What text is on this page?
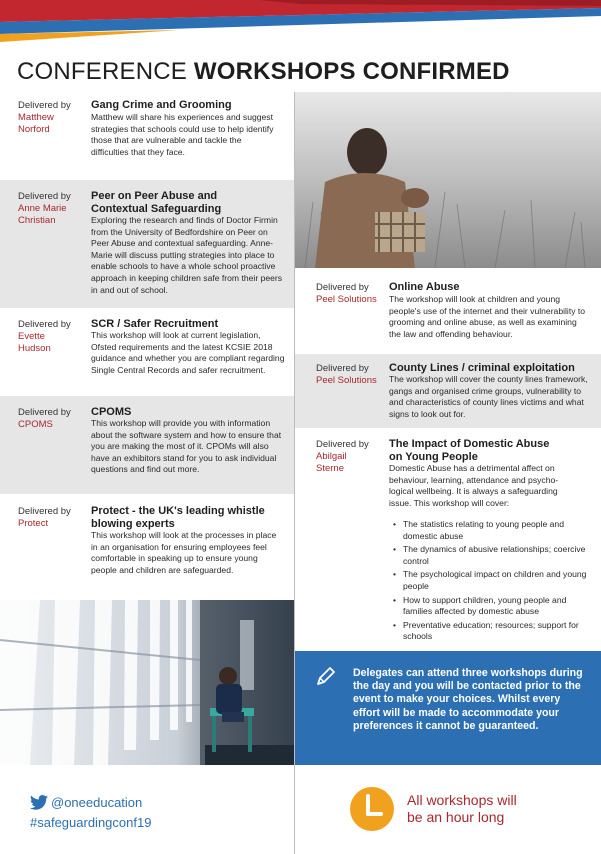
CONFERENCE WORKSHOPS CONFIRMED
Delivered by
Matthew
Norford
Gang Crime and Grooming
Matthew will share his experiences and suggest strategies that schools could use to help identify those that are vulnerable and tackle the difficulties that they face.
Delivered by
Anne Marie
Christian
Peer on Peer Abuse and Contextual Safeguarding
Exploring the research and finds of Doctor Firmin from the University of Bedfordshire on Peer on Peer Abuse and contextual safeguarding. Anne-Marie will discuss putting strategies into place to enable schools to have a whole school proactive approach in keeping children safe from their peers in and out of school.
Delivered by
Evette
Hudson
SCR / Safer Recruitment
This workshop will look at current legislation, Ofsted requirements and the latest KCSIE 2018 guidance and whether you are compliant regarding Single Central Records and safer recruitment.
Delivered by
CPOMS
CPOMS
This workshop will provide you with information about the software system and how to ensure that you are making the most of it. CPOMs will also have an exhibitors stand for you to ask individual questions and find out more.
Delivered by
Protect
Protect - the UK's leading whistle blowing experts
This workshop will look at the processes in place in an organisation for ensuring employees feel comfortable in speaking up to ensure young people and children are safeguarded.
Delivered by
Peel Solutions
Online Abuse
The workshop will look at children and young people's use of the internet and their vulnerability to grooming and online abuse, as well as examining the law and offending behaviour.
Delivered by
Peel Solutions
County Lines / criminal exploitation
The workshop will cover the county lines framework, gangs and organised crime groups, vulnerability to and characteristics of county lines victims and what signs to look out for.
Delivered by
Abilgail
Sterne
The Impact of Domestic Abuse on Young People
Domestic Abuse has a detrimental affect on behaviour, learning, attendance and psycho-logical wellbeing. It is always a safeguarding issue. This workshop will cover:
• The statistics relating to young people and domestic abuse
• The dynamics of abusive relationships; coercive control
• The psychological impact on children and young people
• How to support children, young people and families affected by domestic abuse
• Preventative education; resources; support for schools
Delegates can attend three workshops during the day and you will be contacted prior to the event to make your choices. Whilst every effort will be made to accommodate your preferences it cannot be guaranteed.
@oneeducation
#safeguardingconf19
All workshops will
be an hour long
